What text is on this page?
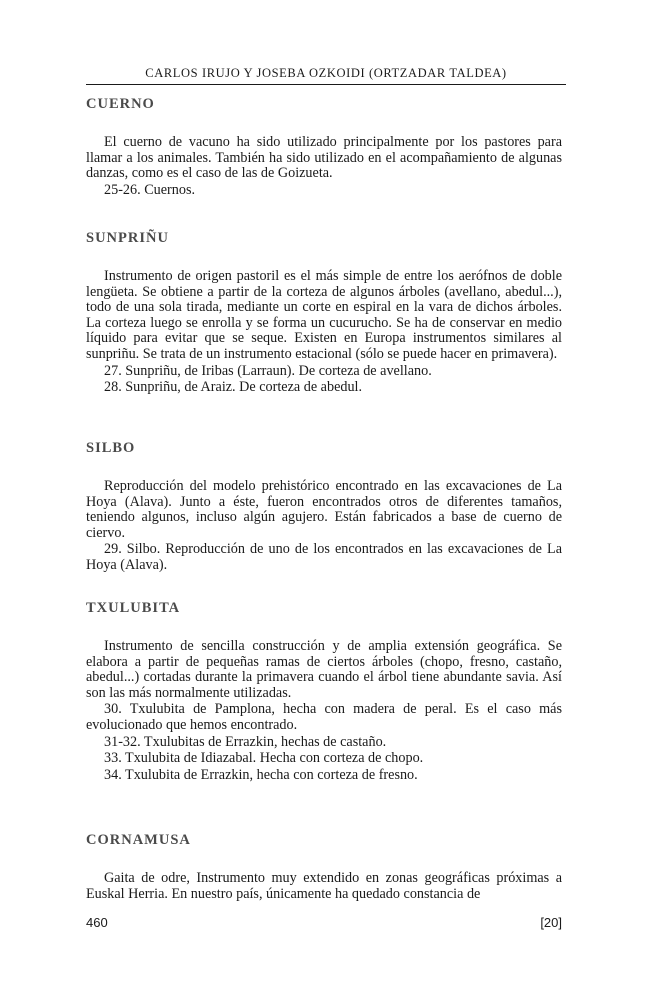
CARLOS IRUJO Y JOSEBA OZKOIDI (ORTZADAR TALDEA)
CUERNO

El cuerno de vacuno ha sido utilizado principalmente por los pastores para llamar a los animales. También ha sido utilizado en el acompañamiento de algunas danzas, como es el caso de las de Goizueta.

25-26. Cuernos.

SUNPRIÑU

Instrumento de origen pastoril es el más simple de entre los aerófnos de doble lengüeta. Se obtiene a partir de la corteza de algunos árboles (avellano, abedul...), todo de una sola tirada, mediante un corte en espiral en la vara de dichos árboles. La corteza luego se enrolla y se forma un cucurucho. Se ha de conservar en medio líquido para evitar que se seque. Existen en Europa instrumentos similares al sunpriñu. Se trata de un instrumento estacional (sólo se puede hacer en primavera).

27. Sunpriñu, de Iribas (Larraun). De corteza de avellano.

28. Sunpriñu, de Araiz. De corteza de abedul.

SILBO

Reproducción del modelo prehistórico encontrado en las excavaciones de La Hoya (Alava). Junto a éste, fueron encontrados otros de diferentes tamaños, teniendo algunos, incluso algún agujero. Están fabricados a base de cuerno de ciervo.

29. Silbo. Reproducción de uno de los encontrados en las excavaciones de La Hoya (Alava).

TXULUBITA

Instrumento de sencilla construcción y de amplia extensión geográfica. Se elabora a partir de pequeñas ramas de ciertos árboles (chopo, fresno, castaño, abedul...) cortadas durante la primavera cuando el árbol tiene abundante savia. Así son las más normalmente utilizadas.

30. Txulubita de Pamplona, hecha con madera de peral. Es el caso más evolucionado que hemos encontrado.

31-32. Txulubitas de Errazkin, hechas de castaño.

33. Txulubita de Idiazabal. Hecha con corteza de chopo.

34. Txulubita de Errazkin, hecha con corteza de fresno.

CORNAMUSA

Gaita de odre, Instrumento muy extendido en zonas geográficas próximas a Euskal Herria. En nuestro país, únicamente ha quedado constancia de

460	[20]
